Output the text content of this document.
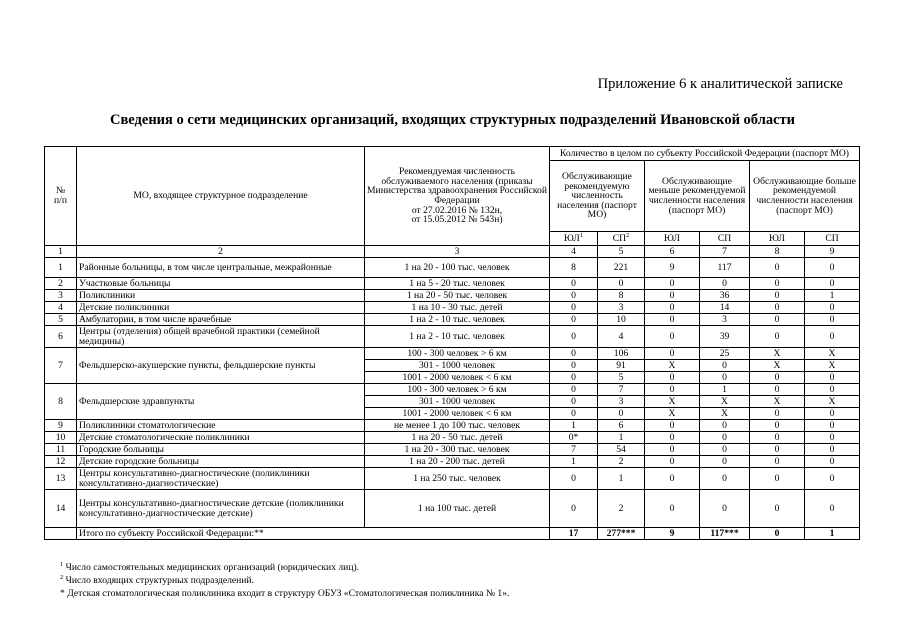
Приложение 6 к аналитической записке
Сведения о сети медицинских организаций, входящих структурных подразделений Ивановской области
№
п/п	МО, входящее структурное подразделение	Рекомендуемая численность обслуживаемого населения (приказы Министерства здравоохранения Российской Федерации
от 27.02.2016 № 132н,
от 15.05.2012 № 543н)	Количество в целом по субъекту Российской Федерации (паспорт МО)					
			Обслуживающие рекомендуемую численность населения (паспорт МО)		Обслуживающие меньше рекомендуемой численности населения (паспорт МО)		Обслуживающие больше рекомендуемой численности населения (паспорт МО)	
			$ЮЛ^1$	$СП^2$	ЮЛ	СП	ЮЛ	СП
1	2	3	4	5	6	7	8	9
1	Районные больницы, в том числе центральные, межрайонные	1 на 20 - 100 тыс. человек	8	221	9	117	0	0
2	Участковые больницы	1 на 5 - 20 тыс. человек	0	0	0	0	0	0
3	Поликлиники	1 на 20 - 50 тыс. человек	0	8	0	36	0	1
4	Детские поликлиники	1 на 10 - 30 тыс. детей	0	3	0	14	0	0
5	Амбулатории, в том числе врачебные	1 на 2 - 10 тыс. человек	0	10	0	3	0	0
6	Центры (отделения) общей врачебной практики (семейной медицины)	1 на 2 - 10 тыс. человек	0	4	0	39	0	0
7	Фельдшерско-акушерские пункты, фельдшерские пункты	100 - 300 человек > 6 км	0	106	0	25	X	X
		301 - 1000 человек	0	91	X	0	X	X
		1001 - 2000 человек < 6 км	0	5	0	0	0	0
8	Фельдшерские здравпункты	100 - 300 человек > 6 км	0	7	0	1	0	0
		301 - 1000 человек	0	3	X	X	X	X
		1001 - 2000 человек < 6 км	0	0	X	X	0	0
9	Поликлиники стоматологические	не менее 1 до 100 тыс. человек	1	6	0	0	0	0
10	Детские стоматологические поликлиники	1 на 20 - 50 тыс. детей	0*	1	0	0	0	0
11	Городские больницы	1 на 20 - 300 тыс. человек	7	54	0	0	0	0
12	Детские городские больницы	1 на 20 - 200 тыс. детей	1	2	0	0	0	0
13	Центры консультативно-диагностические (поликлиники консультативно-диагностические)	1 на 250 тыс. человек	0	1	0	0	0	0
14	Центры консультативно-диагностические детские (поликлиники консультативно-диагностические детские)	1 на 100 тыс. детей	0	2	0	0	0	0
	Итого по субъекту Российской Федерации:**		17	277***	9	117***	0	1
$^1$ Число самостоятельных медицинских организаций (юридических лиц).
$^2$ Число входящих структурных подразделений.
* Детская стоматологическая поликлиника входит в структуру ОБУЗ «Стоматологическая поликлиника № 1».
